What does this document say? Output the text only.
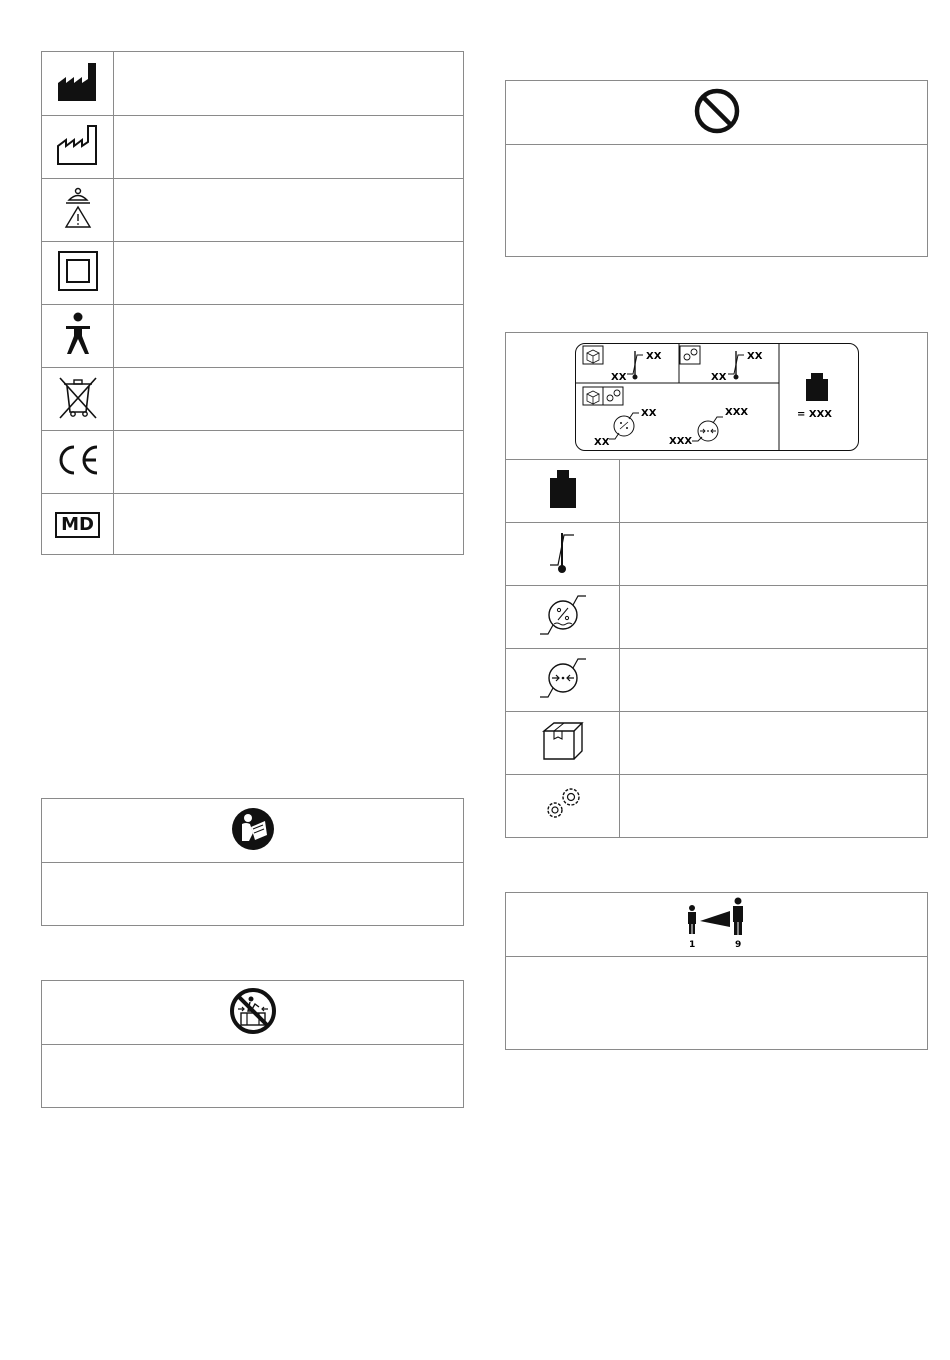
MD
XX
XX
XX
XX
XX
XX
XXX
XXX
= XXX
1	9
